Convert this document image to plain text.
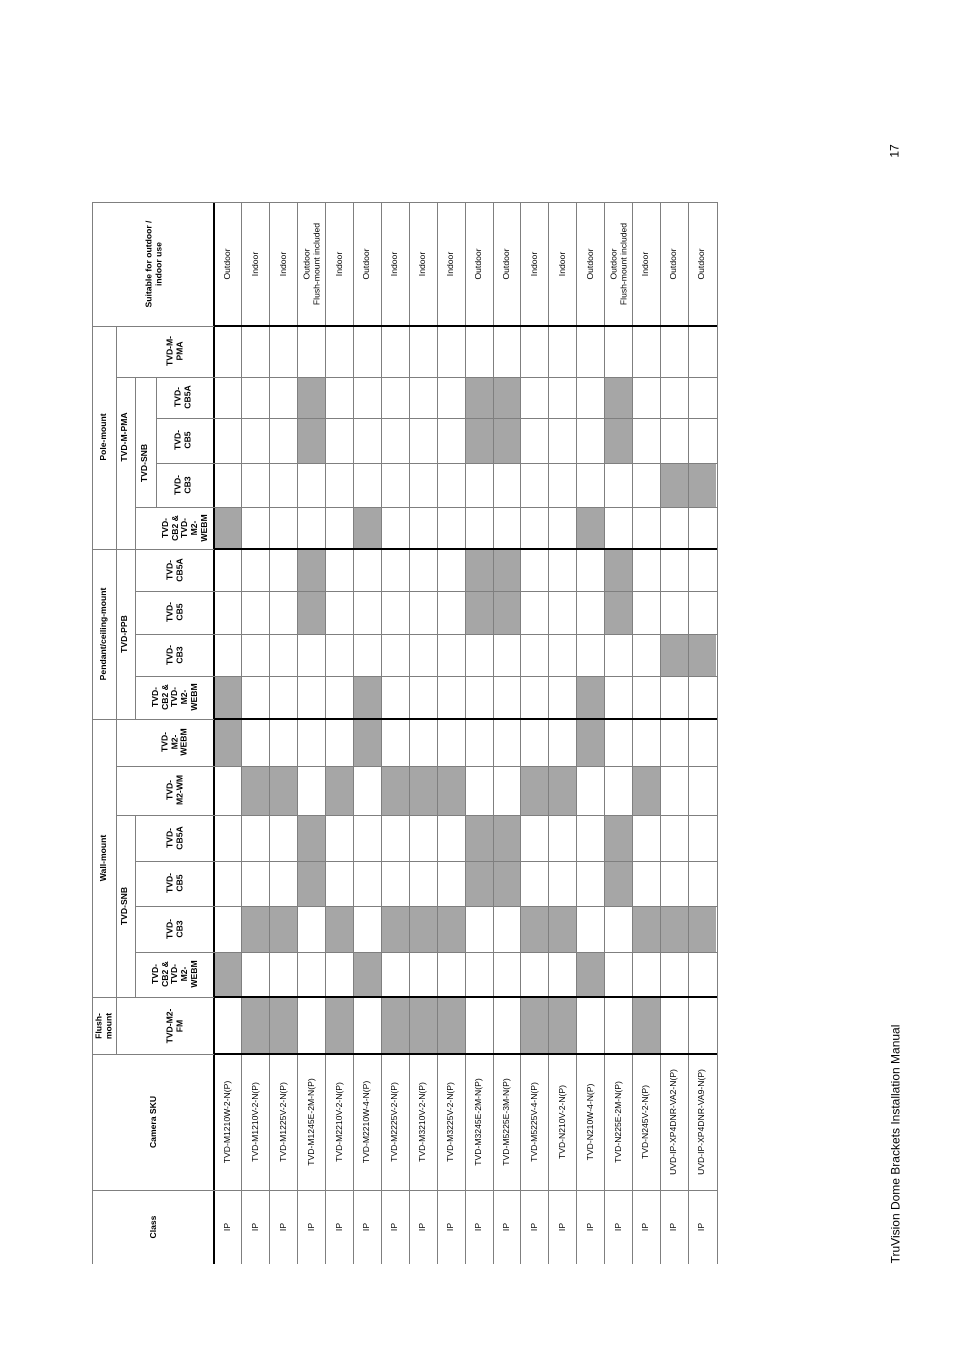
Class
Camera SKU
Flush-
mount	TVD-M2-
FM
Wall-mount
TVD-SNB
TVD-
CB2 &
TVD-
M2-
WEBM
TVD-
CB3
TVD-
CB5
TVD-
CB5A
TVD-
M2-WM
TVD-
M2-
WEBM
Pendant/ceiling-mount TVD-PPB
TVD-
CB2 &
TVD-
M2-
WEBM
TVD-
CB3
TVD-
CB5
TVD-
CB5A
Pole-mount TVD-M-PMA
TVD-SNB
TVD-
CB2 &
TVD-
M2-
WEBM
TVD-
CB3
TVD-
CB5
TVD-
CB5A
TVD-M-
PMA
Suitable for outdoor /
indoor use
IP
TVD-M1210W-2-N(P)
Outdoor
IP
TVD-M1210V-2-N(P)
Indoor
IP
TVD-M1225V-2-N(P)
Indoor
IP
TVD-M1245E-2M-N(P)
Outdoor
Flush-mount included
IP
TVD-M2210V-2-N(P)
Indoor
IP
TVD-M2210W-4-N(P)
Outdoor
IP
TVD-M2225V-2-N(P)
Indoor
IP
TVD-M3210V-2-N(P)
Indoor
IP
TVD-M3225V-2-N(P)
Indoor
IP
TVD-M3245E-2M-N(P)
Outdoor
IP
TVD-M5225E-3M-N(P)
Outdoor
IP
TVD-M5225V-4-N(P)
Indoor
IP
TVD-N210V-2-N(P)
Indoor
IP
TVD-N210W-4-N(P)
Outdoor
IP
TVD-N225E-2M-N(P)
Outdoor
Flush-mount included
IP
TVD-N245V-2-N(P)
Indoor
IP
UVD-IP-XP4DNR-VA2-N(P)
Outdoor
IP
UVD-IP-XP4DNR-VA9-N(P)
Outdoor
17
TruVision Dome Brackets Installation Manual
